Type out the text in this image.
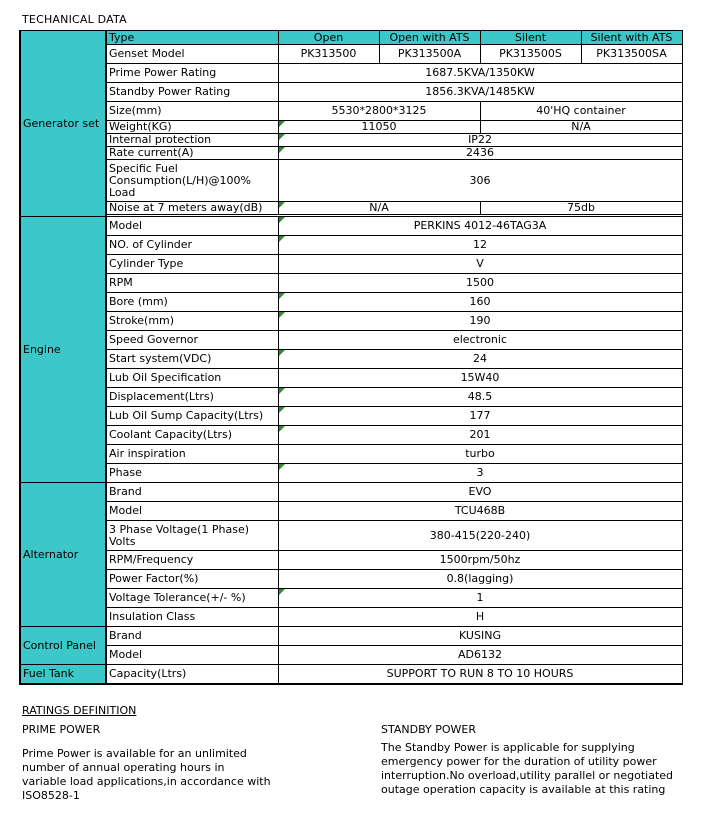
TECHANICAL DATA
Generator set	Type	Open	Open with ATS	Silent	Silent with ATS
	Genset Model	PK313500	PK313500A	PK313500S	PK313500SA
	Prime Power Rating	1687.5KVA/1350KW			
	Standby Power Rating	1856.3KVA/1485KW			
	Size(mm)	5530*2800*3125		40'HQ container	
	Weight(KG)	11050		N/A	
	Internal protection	IP22			
	Rate current(A)	2436			
	Specific Fuel Consumption(L/H)@100% Load	306			
	Noise at 7 meters away(dB)	N/A		75db	

Engine	Model	PERKINS 4012-46TAG3A			
	NO. of Cylinder	12			
	Cylinder Type	V			
	RPM	1500			
	Bore (mm)	160			
	Stroke(mm)	190			
	Speed Governor	electronic			
	Start system(VDC)	24			
	Lub Oil Specification	15W40			
	Displacement(Ltrs)	48.5			
	Lub Oil Sump Capacity(Ltrs)	177			
	Coolant Capacity(Ltrs)	201			
	Air inspiration	turbo			
	Phase	3			
Alternator	Brand	EVO			
	Model	TCU468B			
	3 Phase Voltage(1 Phase) Volts	380-415(220-240)			
	RPM/Frequency	1500rpm/50hz			
	Power Factor(%)	0.8(lagging)			
	Voltage Tolerance(+/- %)	1			
	Insulation Class	H			
Control Panel	Brand	KUSING			
	Model	AD6132			
Fuel Tank	Capacity(Ltrs)	SUPPORT TO RUN 8 TO 10 HOURS			
RATINGS DEFINITION
PRIME POWER
Prime Power is available for an unlimited number of annual operating hours in variable load applications,in accordance with ISO8528-1
STANDBY POWER
The Standby Power is applicable for supplying emergency power for the duration of utility power interruption.No overload,utility parallel or negotiated outage operation capacity is available at this rating
